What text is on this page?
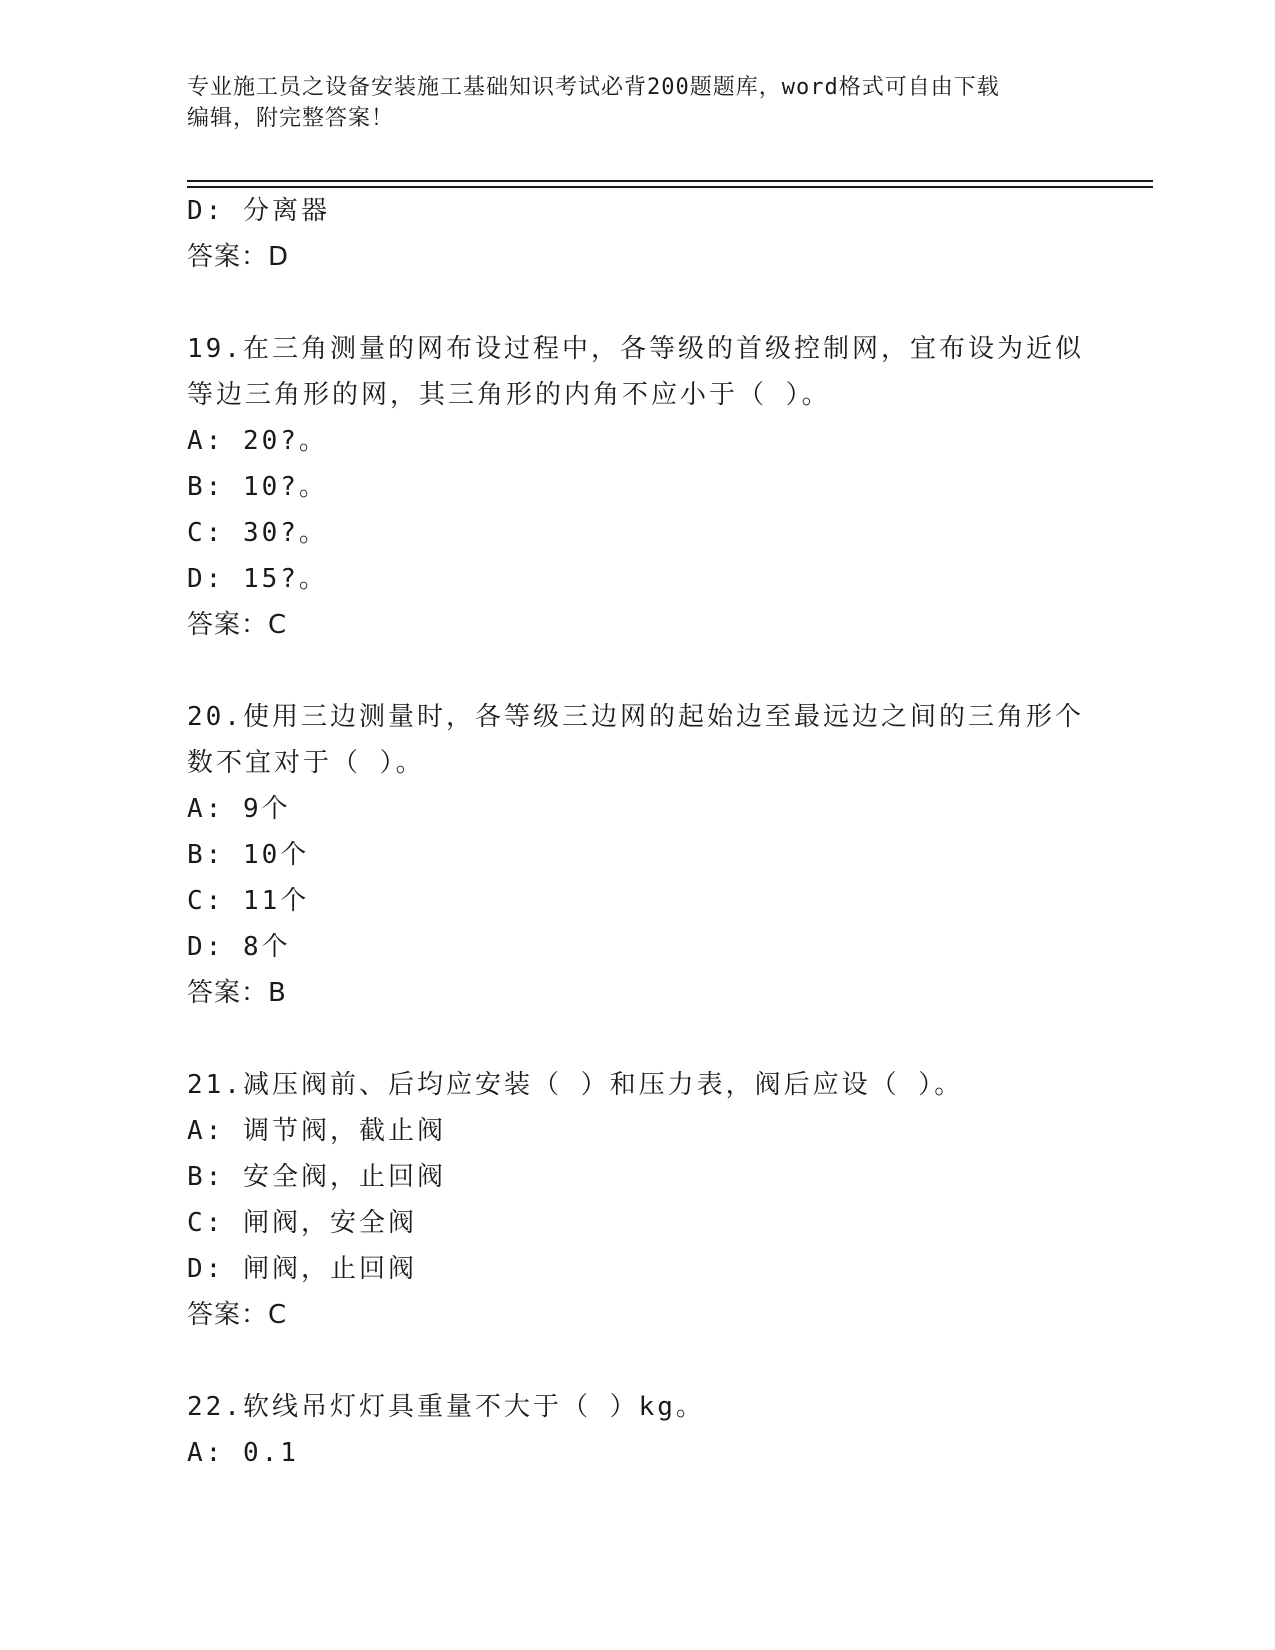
专业施工员之设备安装施工基础知识考试必背200题题库，word格式可自由下载
编辑，附完整答案！
D: 分离器
答案：D
19.在三角测量的网布设过程中，各等级的首级控制网，宜布设为近似
等边三角形的网，其三角形的内角不应小于（ ）。
A: 20?。
B: 10?。
C: 30?。
D: 15?。
答案：C
20.使用三边测量时，各等级三边网的起始边至最远边之间的三角形个
数不宜对于（ ）。
A: 9个
B: 10个
C: 11个
D: 8个
答案：B
21.减压阀前、后均应安装（ ）和压力表，阀后应设（ ）。
A: 调节阀，截止阀
B: 安全阀，止回阀
C: 闸阀，安全阀
D: 闸阀，止回阀
答案：C
22.软线吊灯灯具重量不大于（ ）kg。
A: 0.1
